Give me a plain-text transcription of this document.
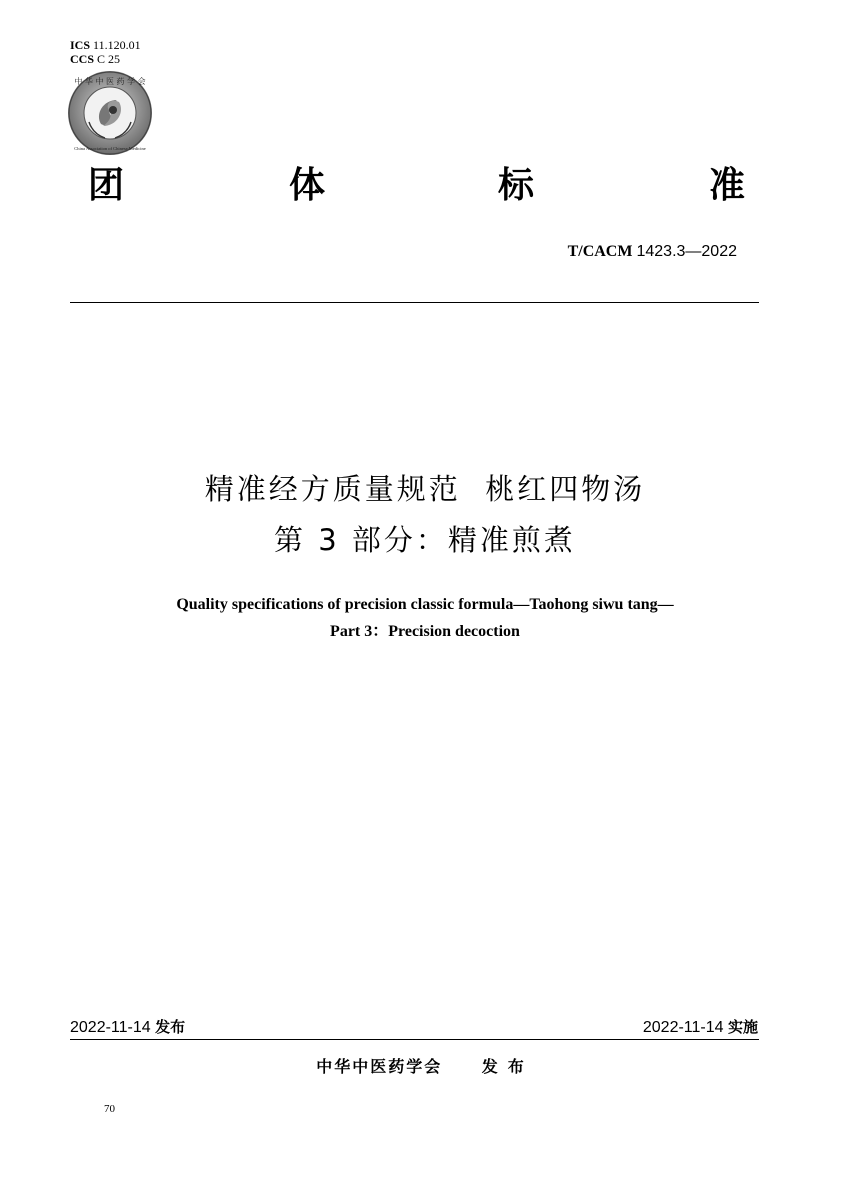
ICS 11.120.01
CCS C 25
中 华 中 医 药 学 会
China Association of Chinese Medicine
团	体	标	准
T/CACM 1423.3—2022
精准经方质量规范  桃红四物汤
第 3 部分：精准煎煮
Quality specifications of precision classic formula—Taohong siwu tang—
Part 3：Precision decoction
2022-11-14 发布	2022-11-14 实施
中华中医药学会 发布
70
